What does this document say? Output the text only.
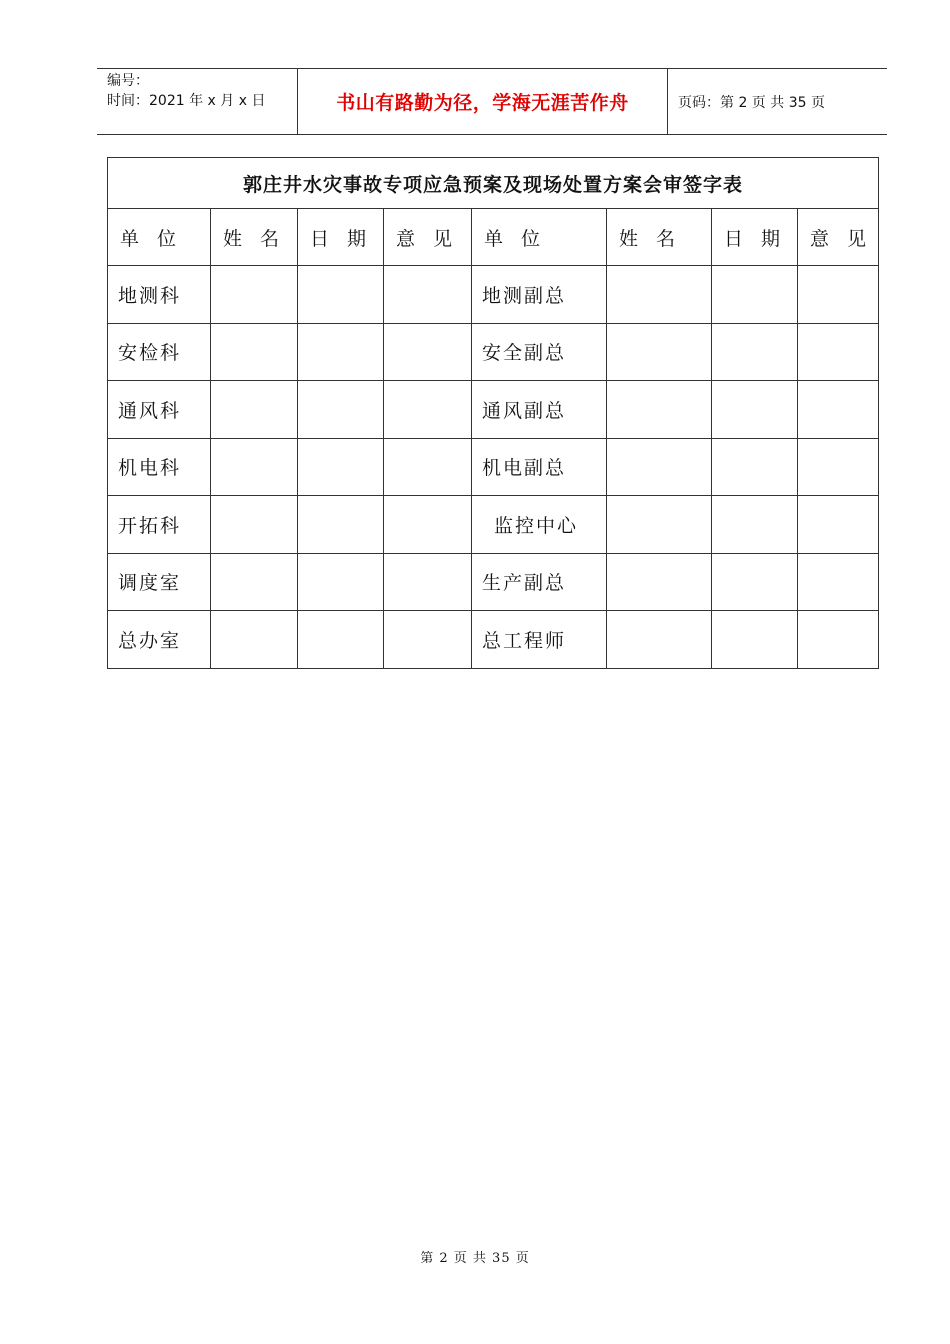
编号：
时间：2021 年 x 月 x 日	书山有路勤为径，学海无涯苦作舟	页码：第 2 页 共 35 页
郭庄井水灾事故专项应急预案及现场处置方案会审签字表							
单 位	姓 名	日 期	意 见	单 位	姓 名	日 期	意 见
地测科				地测副总			
安检科				安全副总			
通风科				通风副总			
机电科				机电副总			
开拓科				监控中心			
调度室				生产副总			
总办室				总工程师			
第 2 页 共 35 页
